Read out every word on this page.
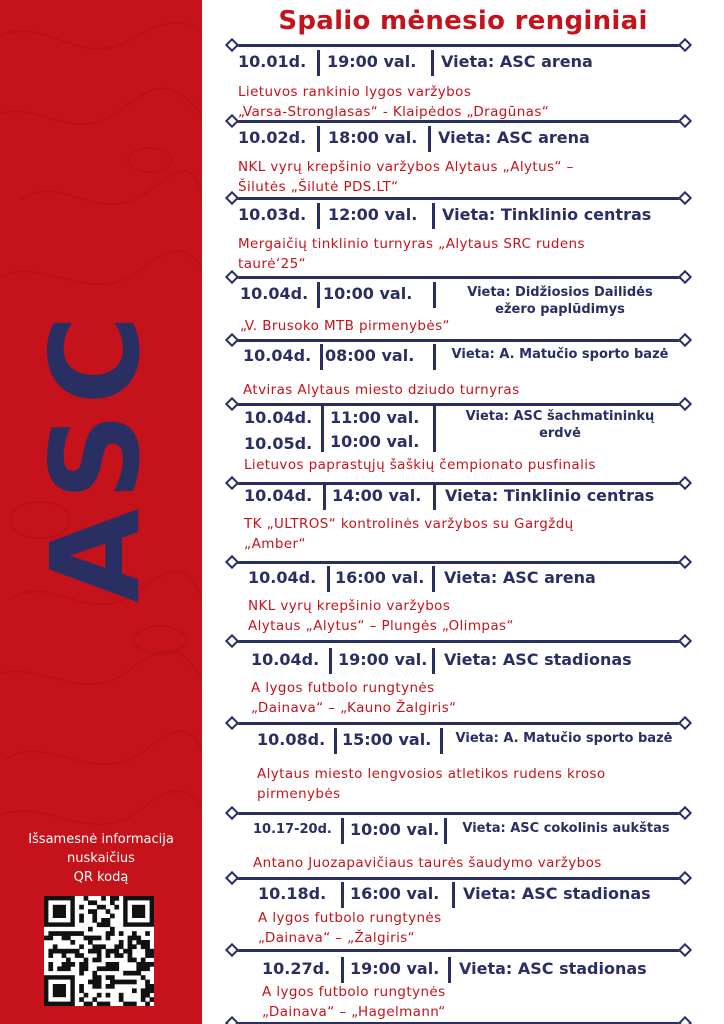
ASC
Išsamesnė informacija
nuskaičius
QR kodą
Spalio mėnesio renginiai
10.01d. 19:00 val. Vieta: ASC arena
Lietuvos rankinio lygos varžybos
„Varsa-Stronglasas“ - Klaipėdos „Dragūnas“
10.02d. 18:00 val. Vieta: ASC arena
NKL vyrų krepšinio varžybos Alytaus „Alytus“ –
Šilutės „Šilutė PDS.LT“
10.03d. 12:00 val. Vieta: Tinklinio centras
Mergaičių tinklinio turnyras „Alytaus SRC rudens
taurė‘25“
10.04d. 10:00 val.	Vieta: Didžiosios Dailidės ežero paplūdimys
„V. Brusoko MTB pirmenybės“
10.04d. 08:00 val.	Vieta: A. Matučio sporto bazė
Atviras Alytaus miesto dziudo turnyras
10.04d. 11:00 val.
10.05d. 10:00 val.
Vieta: ASC šachmatininkų erdvė
Lietuvos paprastųjų šaškių čempionato pusfinalis
10.04d. 14:00 val. Vieta: Tinklinio centras
TK „ULTROS“ kontrolinės varžybos su Gargždų
„Amber“
10.04d. 16:00 val. Vieta: ASC arena
NKL vyrų krepšinio varžybos
Alytaus „Alytus“ – Plungės „Olimpas“
10.04d. 19:00 val. Vieta: ASC stadionas
A lygos futbolo rungtynės
„Dainava“ – „Kauno Žalgiris“
10.08d. 15:00 val.	Vieta: A. Matučio sporto bazė
Alytaus miesto lengvosios atletikos rudens kroso
pirmenybės
10.17-20d. 10:00 val.	Vieta: ASC cokolinis aukštas
Antano Juozapavičiaus taurės šaudymo varžybos
10.18d. 16:00 val. Vieta: ASC stadionas
A lygos futbolo rungtynės
„Dainava“ – „Žalgiris“
10.27d. 19:00 val. Vieta: ASC stadionas
A lygos futbolo rungtynės
„Dainava“ – „Hagelmann“
